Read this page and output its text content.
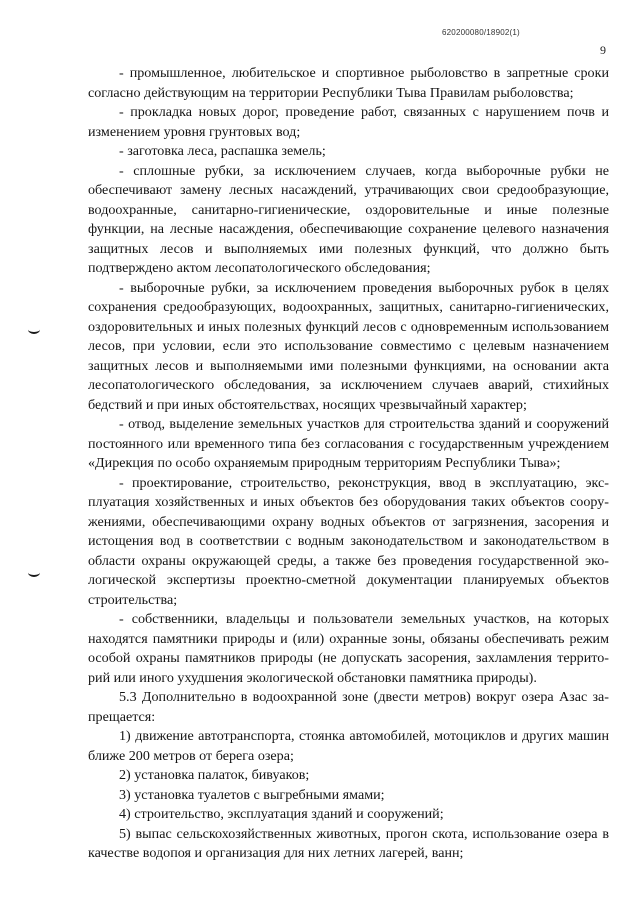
620200080/18902(1)
9

- промышленное, любительское и спортивное рыболовство в запретные сроки согласно действующим на территории Республики Тыва Правилам рыболовства;

- прокладка новых дорог, проведение работ, связанных с нарушением почв и изменением уровня грунтовых вод;

- заготовка леса, распашка земель;

- сплошные рубки, за исключением случаев, когда выборочные рубки не обеспечивают замену лесных насаждений, утрачивающих свои средообразующие, водоохранные, санитарно-гигиенические, оздоровительные и иные полезные функции, на лесные насаждения, обеспечивающие сохранение целевого назначения защитных лесов и выполняемых ими полезных функций, что должно быть подтверждено актом лесопатологического обследования;

- выборочные рубки, за исключением проведения выборочных рубок в целях сохранения средообразующих, водоохранных, защитных, санитарно-гигиенических, оздоровительных и иных полезных функций лесов с одновременным использованием лесов, при условии, если это использование совместимо с целевым назначением защитных лесов и выполняемыми ими полезными функциями, на основании акта лесопатологического обследования, за исключением случаев аварий, стихийных бедствий и при иных обстоятельствах, носящих чрезвычайный характер;

- отвод, выделение земельных участков для строительства зданий и сооружений постоянного или временного типа без согласования с государственным учреждением «Дирекция по особо охраняемым природным территориям Республики Тыва»;

- проектирование, строительство, реконструкция, ввод в эксплуатацию, эксплуатация хозяйственных и иных объектов без оборудования таких объектов сооружениями, обеспечивающими охрану водных объектов от загрязнения, засорения и истощения вод в соответствии с водным законодательством и законодательством в области охраны окружающей среды, а также без проведения государственной экологической экспертизы проектно-сметной документации планируемых объектов строительства;

- собственники, владельцы и пользователи земельных участков, на которых находятся памятники природы и (или) охранные зоны, обязаны обеспечивать режим особой охраны памятников природы (не допускать засорения, захламления территорий или иного ухудшения экологической обстановки памятника природы).

5.3 Дополнительно в водоохранной зоне (двести метров) вокруг озера Азас запрещается:

1) движение автотранспорта, стоянка автомобилей, мотоциклов и других машин ближе 200 метров от берега озера;

2) установка палаток, бивуаков;

3) установка туалетов с выгребными ямами;

4) строительство, эксплуатация зданий и сооружений;

5) выпас сельскохозяйственных животных, прогон скота, использование озера в качестве водопоя и организация для них летних лагерей, ванн;
